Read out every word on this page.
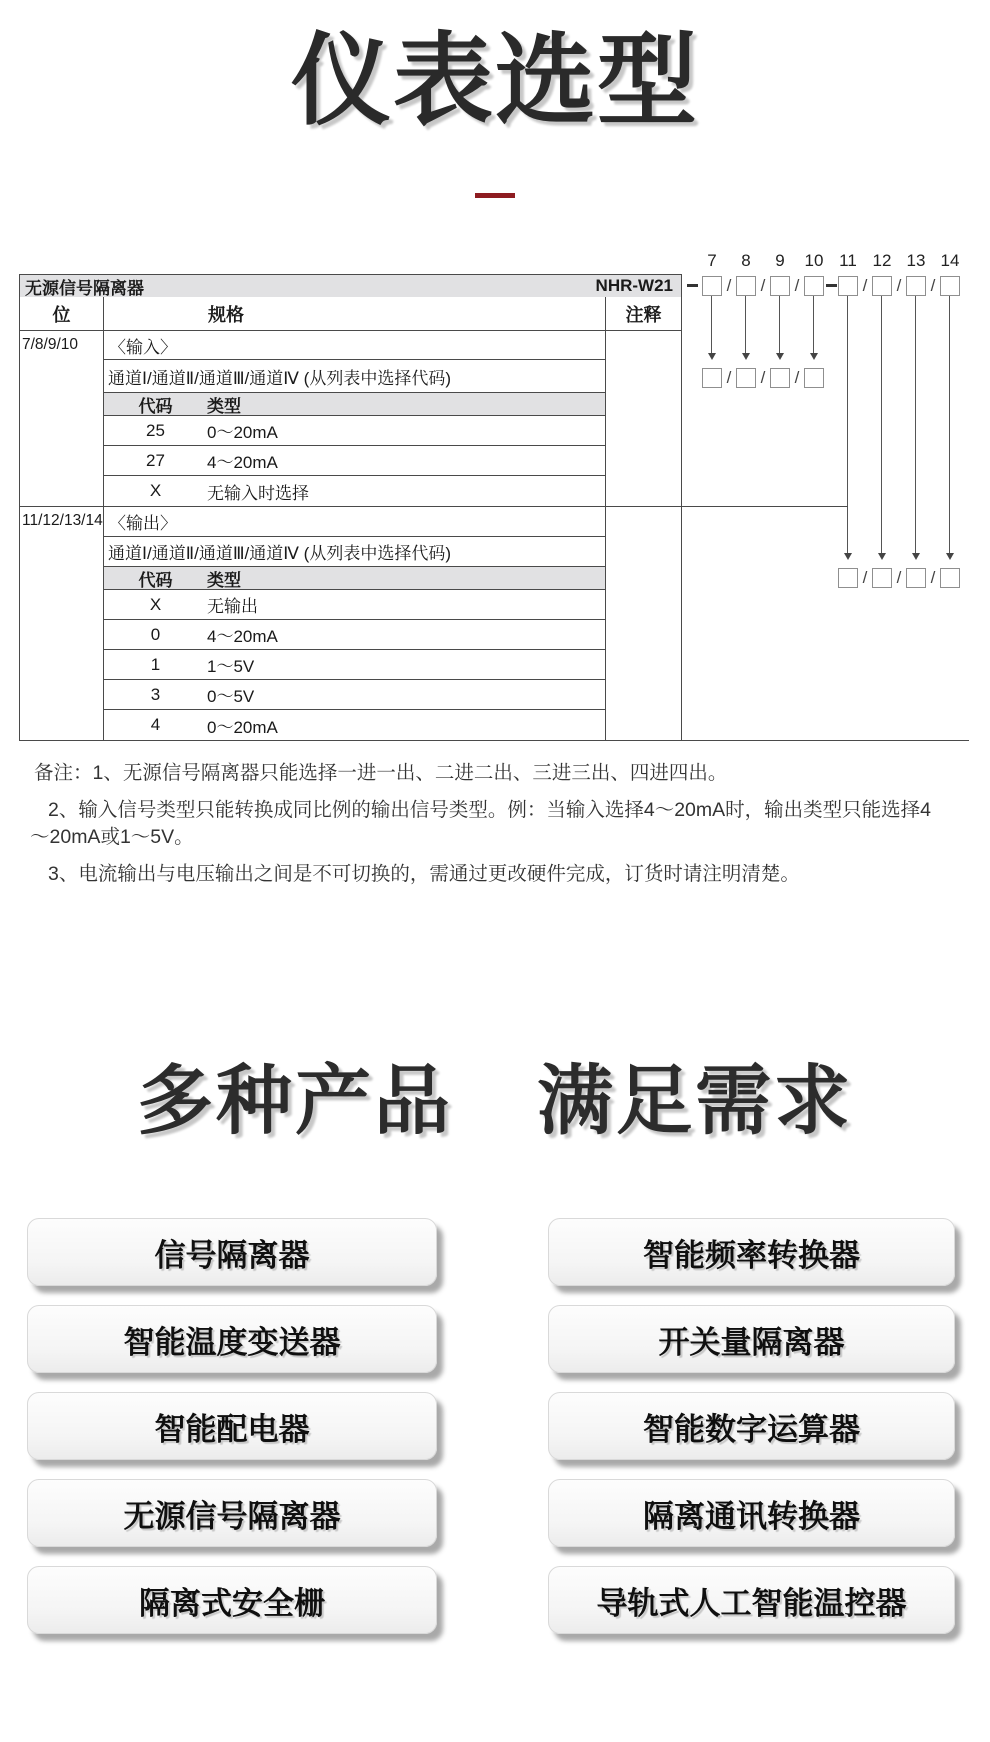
仪表选型
无源信号隔离器	NHR-W21
位	规格	注释
7/8/9/10	〈输入〉
通道Ⅰ/通道Ⅱ/通道Ⅲ/通道Ⅳ (从列表中选择代码)
代码	类型
25	0～20mA
27	4～20mA
X	无输入时选择
11/12/13/14 〈输出〉
通道Ⅰ/通道Ⅱ/通道Ⅲ/通道Ⅳ (从列表中选择代码)
代码	类型
X	无输出
0	4～20mA
1	1～5V
3	0～5V
4	0～20mA
7	8	9	10 11 12 13 14
/ / /	/ / /
/ / /
/ / /

备注：1、无源信号隔离器只能选择一进一出、二进二出、三进三出、四进四出。

2、输入信号类型只能转换成同比例的输出信号类型。例：当输入选择4～20mA时，输出类型只能选择4～20mA或1～5V。

3、电流输出与电压输出之间是不可切换的，需通过更改硬件完成，订货时请注明清楚。

多种产品 满足需求
信号隔离器
智能温度变送器
智能配电器
无源信号隔离器
隔离式安全栅
智能频率转换器
开关量隔离器
智能数字运算器
隔离通讯转换器
导轨式人工智能温控器
